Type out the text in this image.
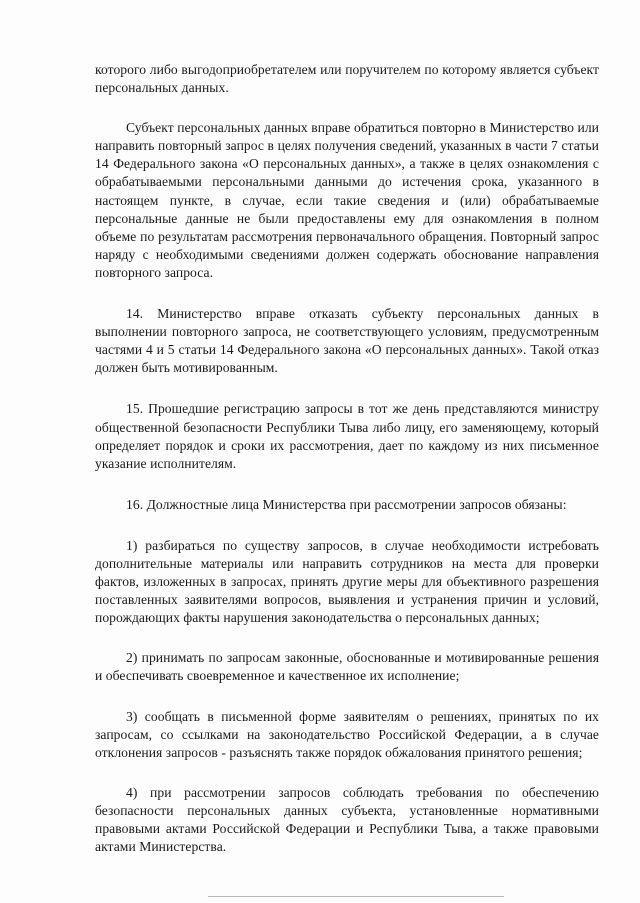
которого либо выгодоприобретателем или поручителем по которому является субъект персональных данных.

Субъект персональных данных вправе обратиться повторно в Министерство или направить повторный запрос в целях получения сведений, указанных в части 7 статьи 14 Федерального закона «О персональных данных», а также в целях ознакомления с обрабатываемыми персональными данными до истечения срока, указанного в настоящем пункте, в случае, если такие сведения и (или) обрабатываемые персональные данные не были предоставлены ему для ознакомления в полном объеме по результатам рассмотрения первоначального обращения. Повторный запрос наряду с необходимыми сведениями должен содержать обоснование направления повторного запроса.

14. Министерство вправе отказать субъекту персональных данных в выполнении повторного запроса, не соответствующего условиям, предусмотренным частями 4 и 5 статьи 14 Федерального закона «О персональных данных». Такой отказ должен быть мотивированным.

15. Прошедшие регистрацию запросы в тот же день представляются министру общественной безопасности Республики Тыва либо лицу, его заменяющему, который определяет порядок и сроки их рассмотрения, дает по каждому из них письменное указание исполнителям.

16. Должностные лица Министерства при рассмотрении запросов обязаны:

1) разбираться по существу запросов, в случае необходимости истребовать дополнительные материалы или направить сотрудников на места для проверки фактов, изложенных в запросах, принять другие меры для объективного разрешения поставленных заявителями вопросов, выявления и устранения причин и условий, порождающих факты нарушения законодательства о персональных данных;

2) принимать по запросам законные, обоснованные и мотивированные решения и обеспечивать своевременное и качественное их исполнение;

3) сообщать в письменной форме заявителям о решениях, принятых по их запросам, со ссылками на законодательство Российской Федерации, а в случае отклонения запросов - разъяснять также порядок обжалования принятого решения;

4) при рассмотрении запросов соблюдать требования по обеспечению безопасности персональных данных субъекта, установленные нормативными правовыми актами Российской Федерации и Республики Тыва, а также правовыми актами Министерства.
